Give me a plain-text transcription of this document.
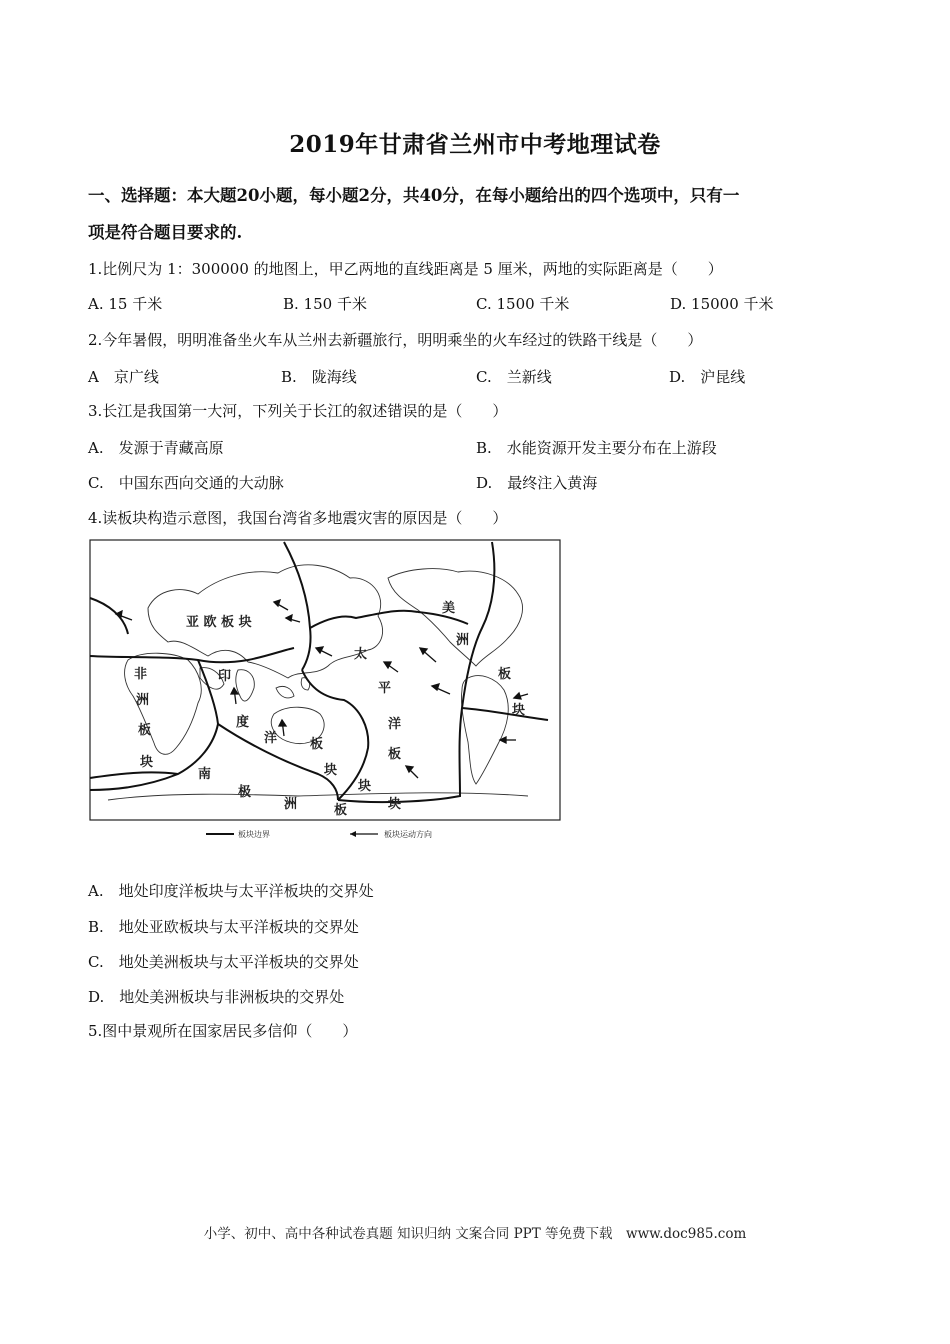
2019年甘肃省兰州市中考地理试卷
一、选择题：本大题20小题，每小题2分，共40分，在每小题给出的四个选项中，只有一
项是符合题目要求的.
1.比例尺为 1：300000 的地图上，甲乙两地的直线距离是 5 厘米，两地的实际距离是（　　）
A. 15 千米	B. 150 千米	C. 1500 千米	D. 15000 千米
2.今年暑假，明明准备坐火车从兰州去新疆旅行，明明乘坐的火车经过的铁路干线是（　　）
A　京广线	B.　陇海线	C.　兰新线	D.　沪昆线
3.长江是我国第一大河，下列关于长江的叙述错误的是（　　）
A.　发源于青藏高原	B.　水能资源开发主要分布在上游段
C.　中国东西向交通的大动脉	D.　最终注入黄海
4.读板块构造示意图，我国台湾省多地震灾害的原因是（　　）
亚 欧 板 块
非
洲
板
块
印
度
洋	板
块
太
平
洋
板
块
美
洲
板
块
南
极
洲	板	块
板块边界	板块运动方向
A.　地处印度洋板块与太平洋板块的交界处
B.　地处亚欧板块与太平洋板块的交界处
C.　地处美洲板块与太平洋板块的交界处
D.　地处美洲板块与非洲板块的交界处
5.图中景观所在国家居民多信仰（　　）
小学、初中、高中各种试卷真题 知识归纳 文案合同 PPT 等免费下载　www.doc985.com
